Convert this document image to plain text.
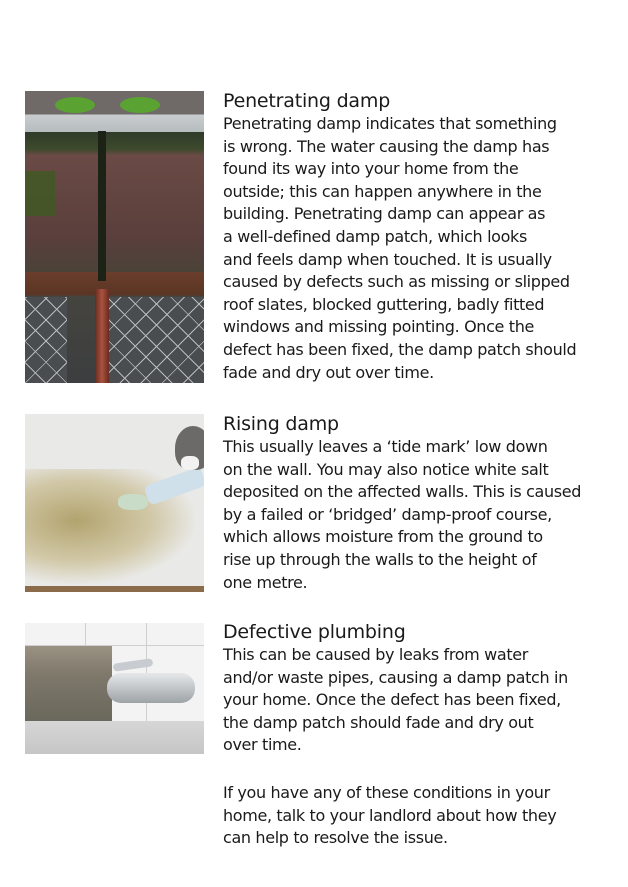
Penetrating damp

Penetrating damp indicates that something
is wrong. The water causing the damp has
found its way into your home from the
outside; this can happen anywhere in the
building. Penetrating damp can appear as
a well-defined damp patch, which looks
and feels damp when touched. It is usually
caused by defects such as missing or slipped
roof slates, blocked guttering, badly fitted
windows and missing pointing. Once the
defect has been fixed, the damp patch should
fade and dry out over time.

Rising damp

This usually leaves a ‘tide mark’ low down
on the wall. You may also notice white salt
deposited on the affected walls. This is caused
by a failed or ‘bridged’ damp-proof course,
which allows moisture from the ground to
rise up through the walls to the height of
one metre.

Defective plumbing

This can be caused by leaks from water
and/or waste pipes, causing a damp patch in
your home. Once the defect has been fixed,
the damp patch should fade and dry out
over time.

If you have any of these conditions in your
home, talk to your landlord about how they
can help to resolve the issue.
